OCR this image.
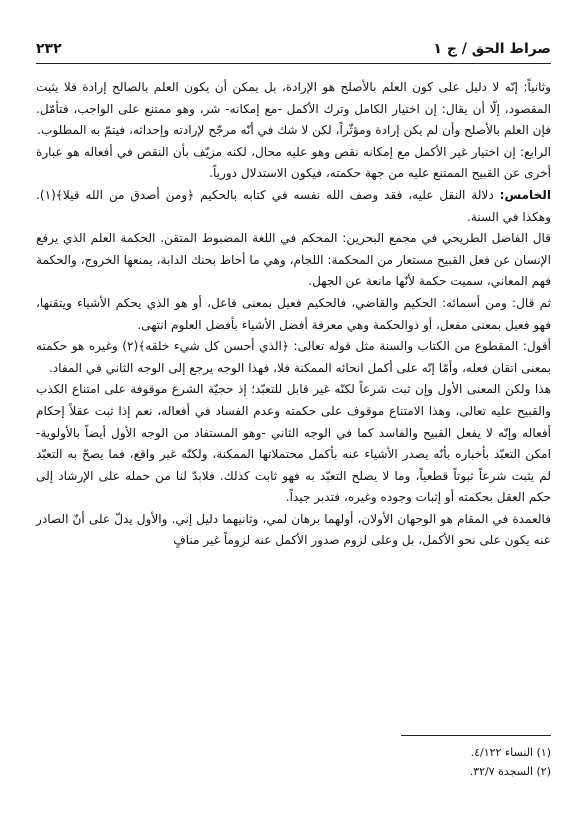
صراط الحق / ج ١
٢٣٢

وثانياً: إنّه لا دليل على كون العلم بالأصلح هو الإرادة، بل يمكن أن يكون العلم بالصالح إرادة فلا يثبت المقصود، إلّا أن يقال: إن اختيار الكامل وترك الأكمل -مع إمكانه- شر، وهو ممتنع على الواجب، فتأمّل. فإن العلم بالأصلح وأن لم يكن إرادة ومؤثّراً، لكن لا شك في أنّه مرجّح لإرادته وإحداثه، فيتمّ به المطلوب.

الرابع: إن اختيار غير الأكمل مع إمكانه نقص وهو عليه محال، لكنه مزيّف بأن النقص في أفعاله هو عبارة أخرى عن القبيح الممتنع عليه من جهة حكمته، فيكون الاستدلال دورياً.

الخامس: دلالة النقل عليه، فقد وصف الله نفسه في كتابه بالحكيم ﴿ومن أصدق من الله قيلا﴾(١). وهكذا في السنة.

قال الفاضل الطريحي في مجمع البحرين: المحكم في اللغة المضبوط المتقن. الحكمة العلم الذي يرفع الإنسان عن فعل القبيح مستعار من المحكمة: اللجام، وهي ما أحاط بحنك الدابة، يمنعها الخروج، والحكمة فهم المعاني، سميت حكمة لأنّها مانعة عن الجهل.

ثم قال: ومن أسمائه: الحكيم والقاضي، فالحكيم فعيل بمعنى فاعل، أو هو الذي يحكم الأشياء ويتقنها، فهو فعيل بمعنى مفعل، أو ذوالحكمة وهي معرفة أفضل الأشياء بأفضل العلوم انتهى.

أقول: المقطوع من الكتاب والسنة مثل قوله تعالى: ﴿الذي أحسن كل شيء خلقه﴾(٢) وغيره هو حكمته بمعنى اتقان فعله، وأمّا إنّه على أكمل انحائه الممكنة فلا، فهذا الوجه يرجع إلى الوجه الثاني في المفاد.

هذا ولكن المعنى الأول وإن ثبت شرعاً لكنّه غير قابل للتعبّد؛ إذ حجيّة الشرع موقوفة على امتناع الكذب والقبيح عليه تعالى، وهذا الامتناع موقوف على حكمته وعدم الفساد في أفعاله، نعم إذا ثبت عقلاً إحكام أفعاله وإنّه لا يفعل القبيح والفاسد كما في الوجه الثاني -وهو المستفاد من الوجه الأول أيضاً بالأولوية- امكن التعبّد بأخباره بأنّه يصدر الأشياء عنه بأكمل محتملاتها الممكنة، ولكنّه غير واقع، فما يصحّ به التعبّد لم يثبت شرعاً ثبوتاً قطعياً، وما لا يصلح التعبّد به فهو ثابت كذلك. فلابدّ لنا من حمله على الإرشاد إلى حكم العقل بحكمته أو إثبات وجوده وغيره، فتدبر جيداً.

فالعمدة في المقام هو الوجهان الأولان، أولهما برهان لمي، وثانيهما دليل إني. والأول يدلّ على أنّ الصادر عنه يكون على نحو الأكمل، بل وعلى لزوم صدور الأكمل عنه لزوماً غير منافٍ

(١) النساء ٤/١٢٢.
(٢) السجدة ٣٢/٧.
